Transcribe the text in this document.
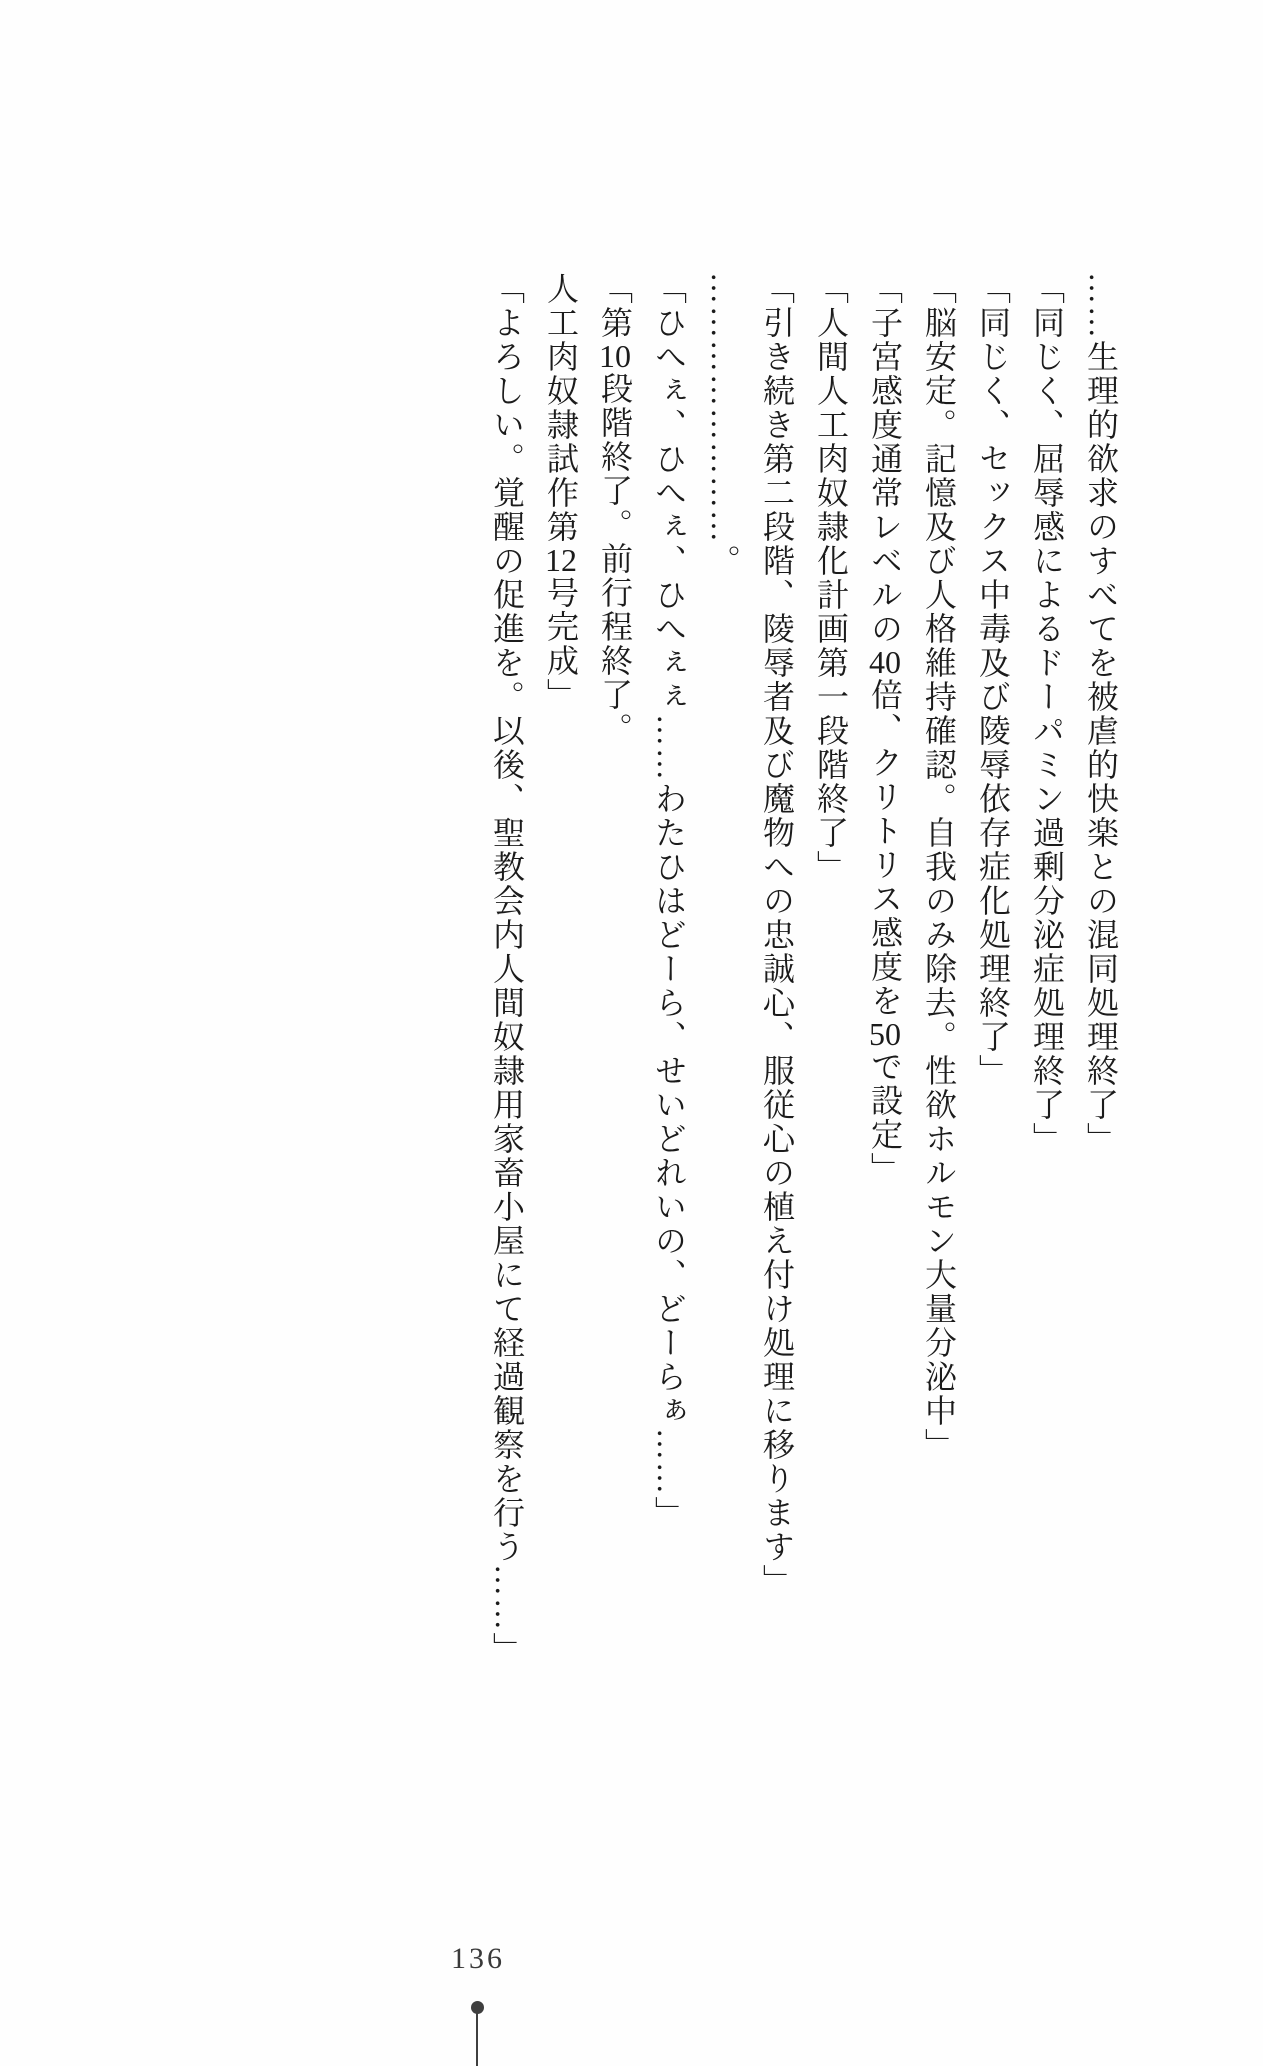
……生理的欲求のすべてを被虐的快楽との混同処理終了」

「同じく、屈辱感によるドーパミン過剰分泌症処理終了」

「同じく、セックス中毒及び陵辱依存症化処理終了」

「脳安定。記憶及び人格維持確認。自我のみ除去。性欲ホルモン大量分泌中」

「子宮感度通常レベルの40倍、クリトリス感度を50で設定」

「人間人工肉奴隷化計画第一段階終了」

「引き続き第二段階、陵辱者及び魔物への忠誠心、服従心の植え付け処理に移ります」

……………………。

「ひへぇ、ひへぇ、ひへぇぇ……わたひはどーら、せいどれいの、どーらぁ……」

「第10段階終了。前行程終了。

人工肉奴隷試作第12号完成」

「よろしい。覚醒の促進を。以後、聖教会内人間奴隷用家畜小屋にて経過観察を行う……」

136
